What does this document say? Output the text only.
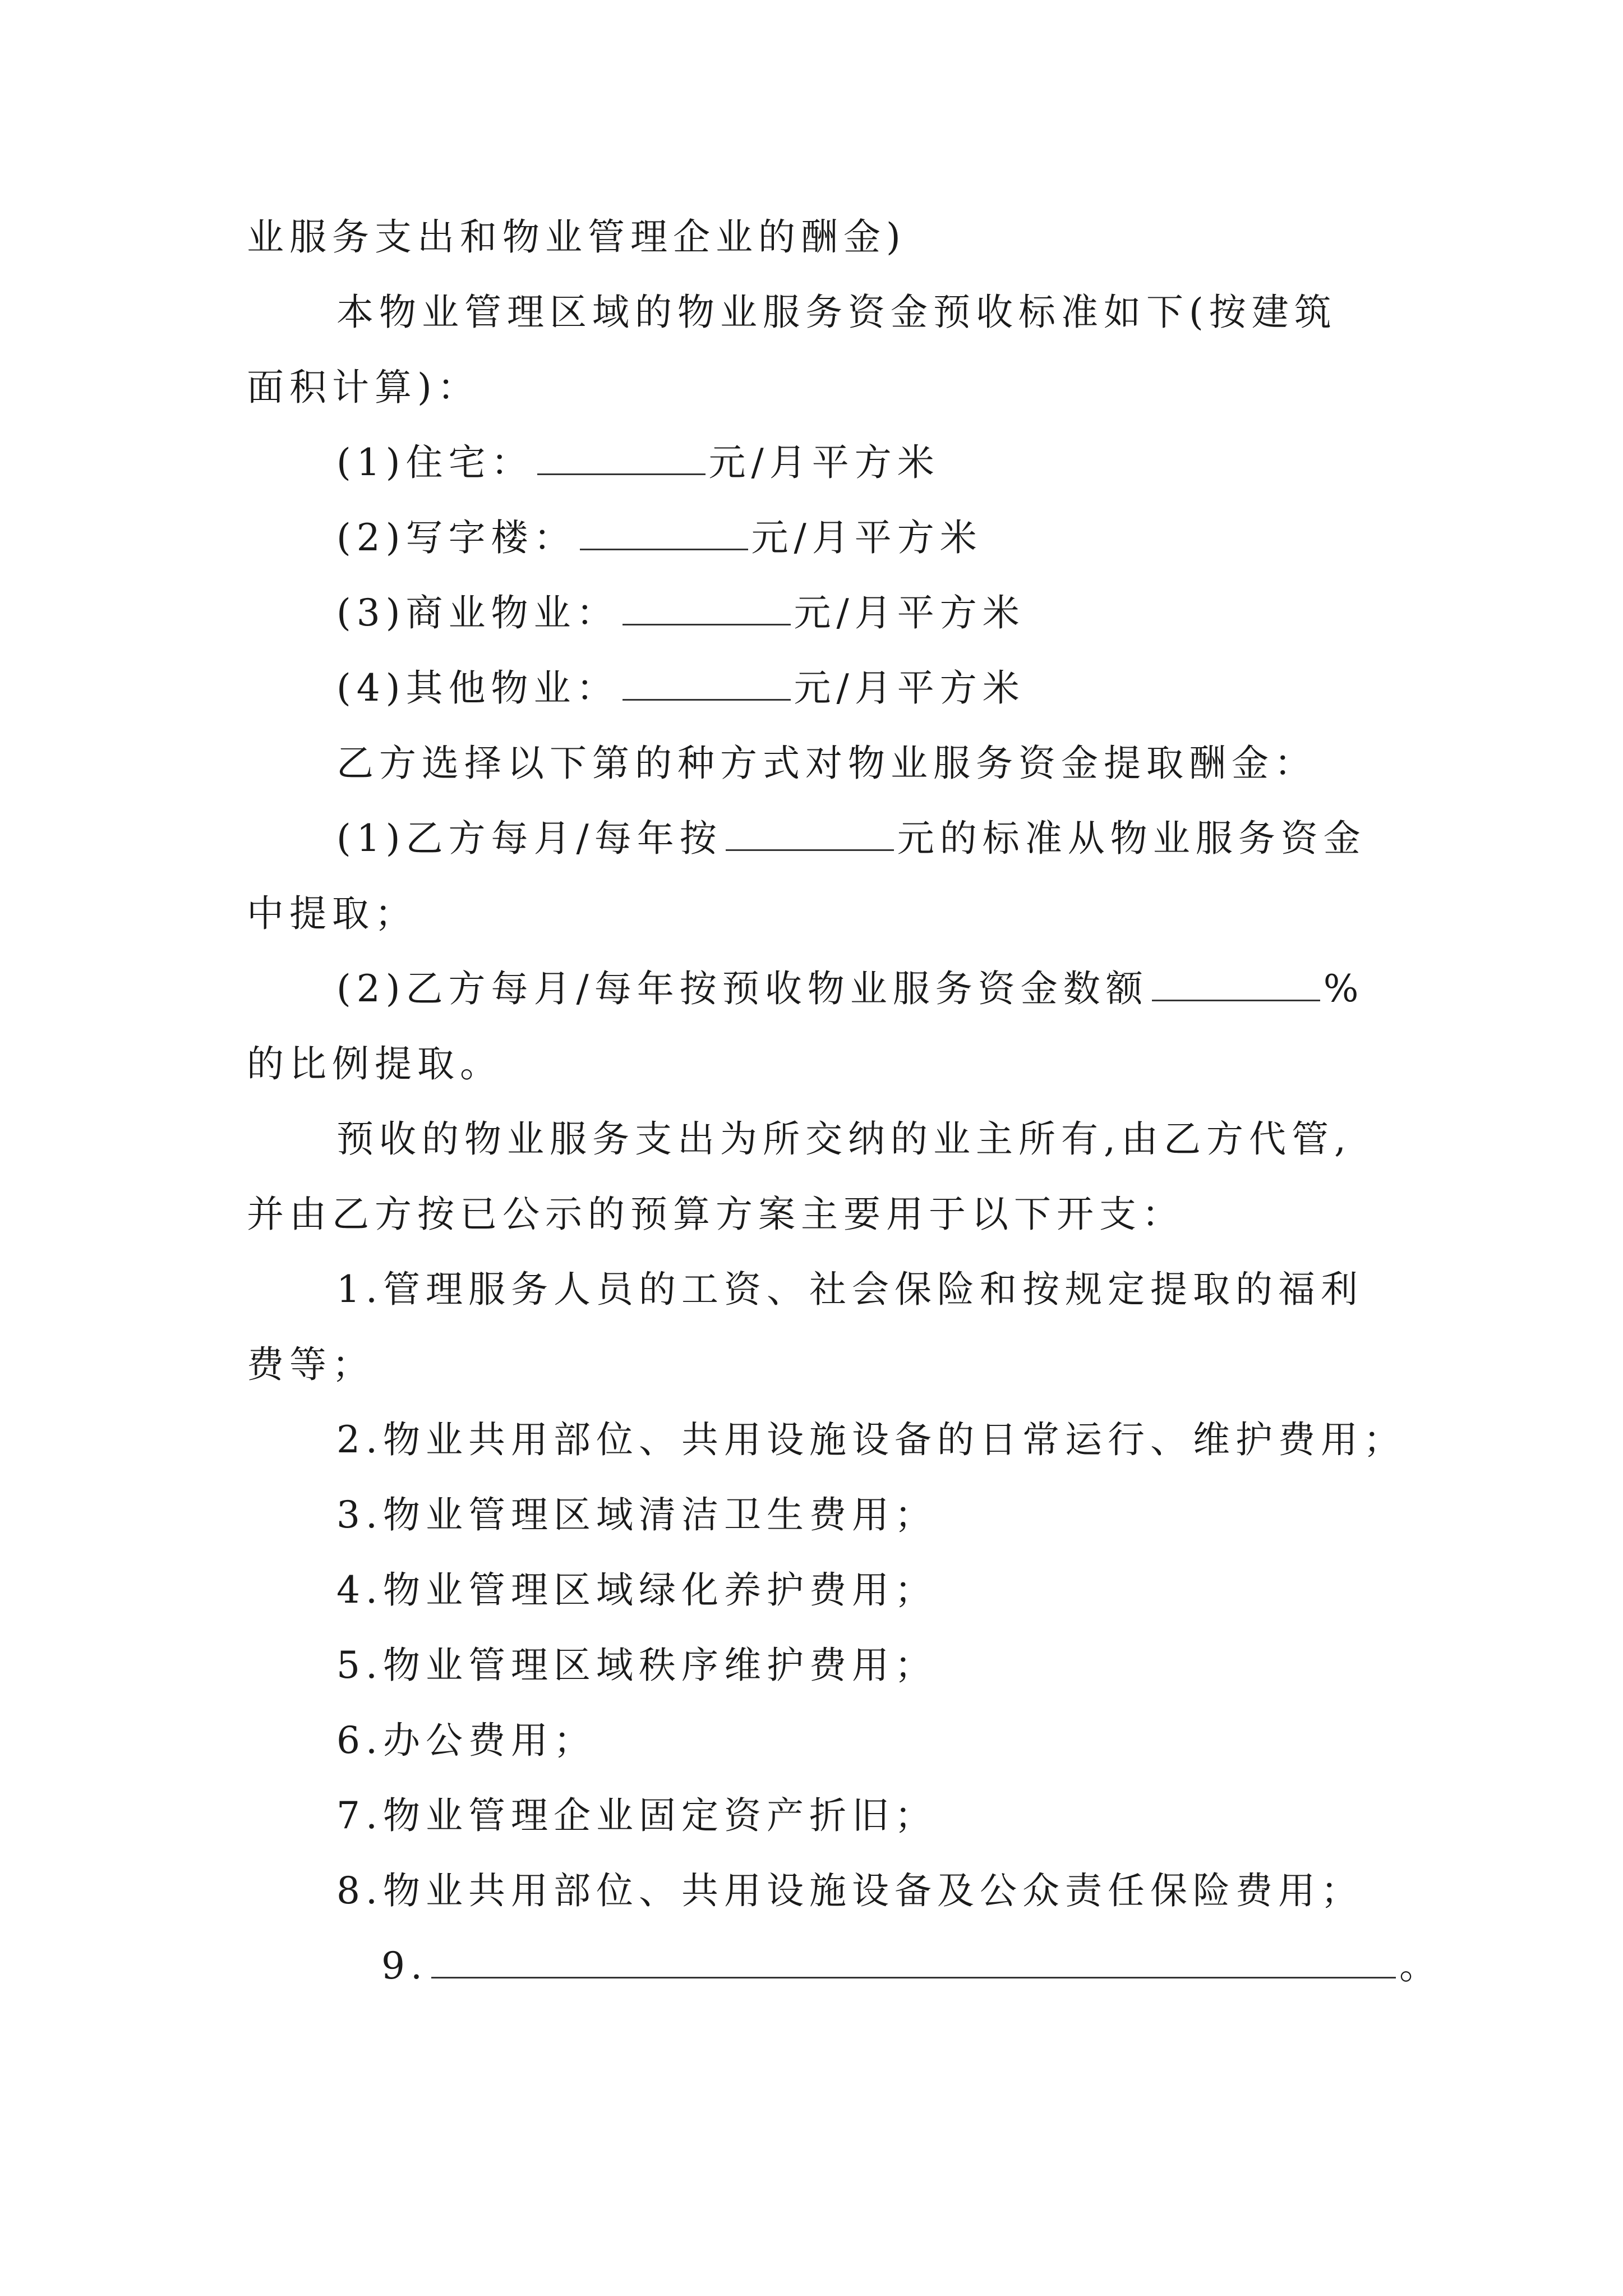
业服务支出和物业管理企业的酬金)
本物业管理区域的物业服务资金预收标准如下(按建筑
面积计算)：
(1)住宅：	元/月平方米
(2)写字楼：	元/月平方米
(3)商业物业：	元/月平方米
(4)其他物业：	元/月平方米
乙方选择以下第的种方式对物业服务资金提取酬金：
(1)乙方每月/每年按	元的标准从物业服务资金
中提取；
(2)乙方每月/每年按预收物业服务资金数额	%
的比例提取。
预收的物业服务支出为所交纳的业主所有,由乙方代管,
并由乙方按已公示的预算方案主要用于以下开支：
1.管理服务人员的工资、社会保险和按规定提取的福利
费等；
2.物业共用部位、共用设施设备的日常运行、维护费用；
3.物业管理区域清洁卫生费用；
4.物业管理区域绿化养护费用；
5.物业管理区域秩序维护费用；
6.办公费用；
7.物业管理企业固定资产折旧；
8.物业共用部位、共用设施设备及公众责任保险费用；
9.	。
